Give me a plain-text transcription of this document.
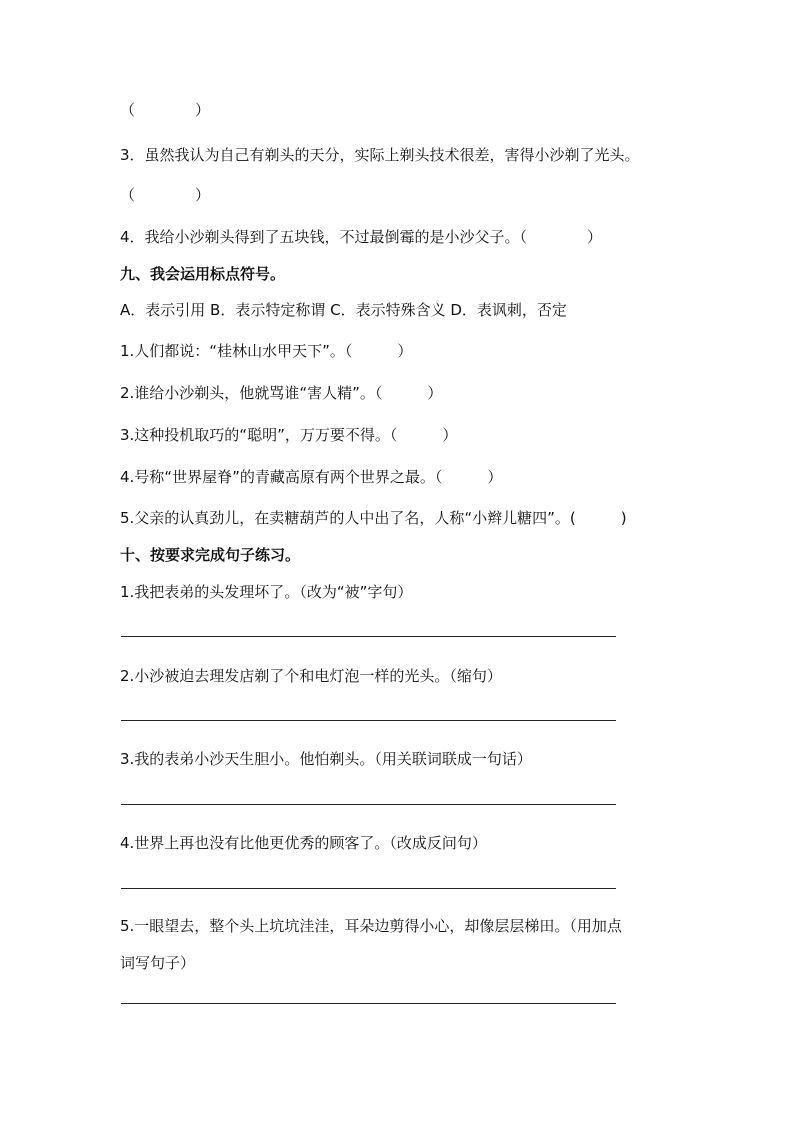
（　　　　）
3．虽然我认为自己有剃头的天分，实际上剃头技术很差，害得小沙剃了光头。
（　　　　）
4．我给小沙剃头得到了五块钱，不过最倒霉的是小沙父子。（　　　　）
九、我会运用标点符号。
A．表示引用 B．表示特定称谓 C．表示特殊含义 D．表讽刺，否定
1.人们都说：“桂林山水甲天下”。（　　　）
2.谁给小沙剃头，他就骂谁“害人精”。（　　　）
3.这种投机取巧的“聪明”，万万要不得。（　　　）
4.号称“世界屋脊”的青藏高原有两个世界之最。（　　　）
5.父亲的认真劲儿，在卖糖葫芦的人中出了名，人称“小辫儿糖四”。(　　　)
十、按要求完成句子练习。
1.我把表弟的头发理坏了。（改为“被”字句）
2.小沙被迫去理发店剃了个和电灯泡一样的光头。（缩句）
3.我的表弟小沙天生胆小。他怕剃头。（用关联词联成一句话）
4.世界上再也没有比他更优秀的顾客了。（改成反问句）
5.一眼望去，整个头上坑坑洼洼，耳朵边剪得小心，却像层层梯田。（用加点
词写句子）
